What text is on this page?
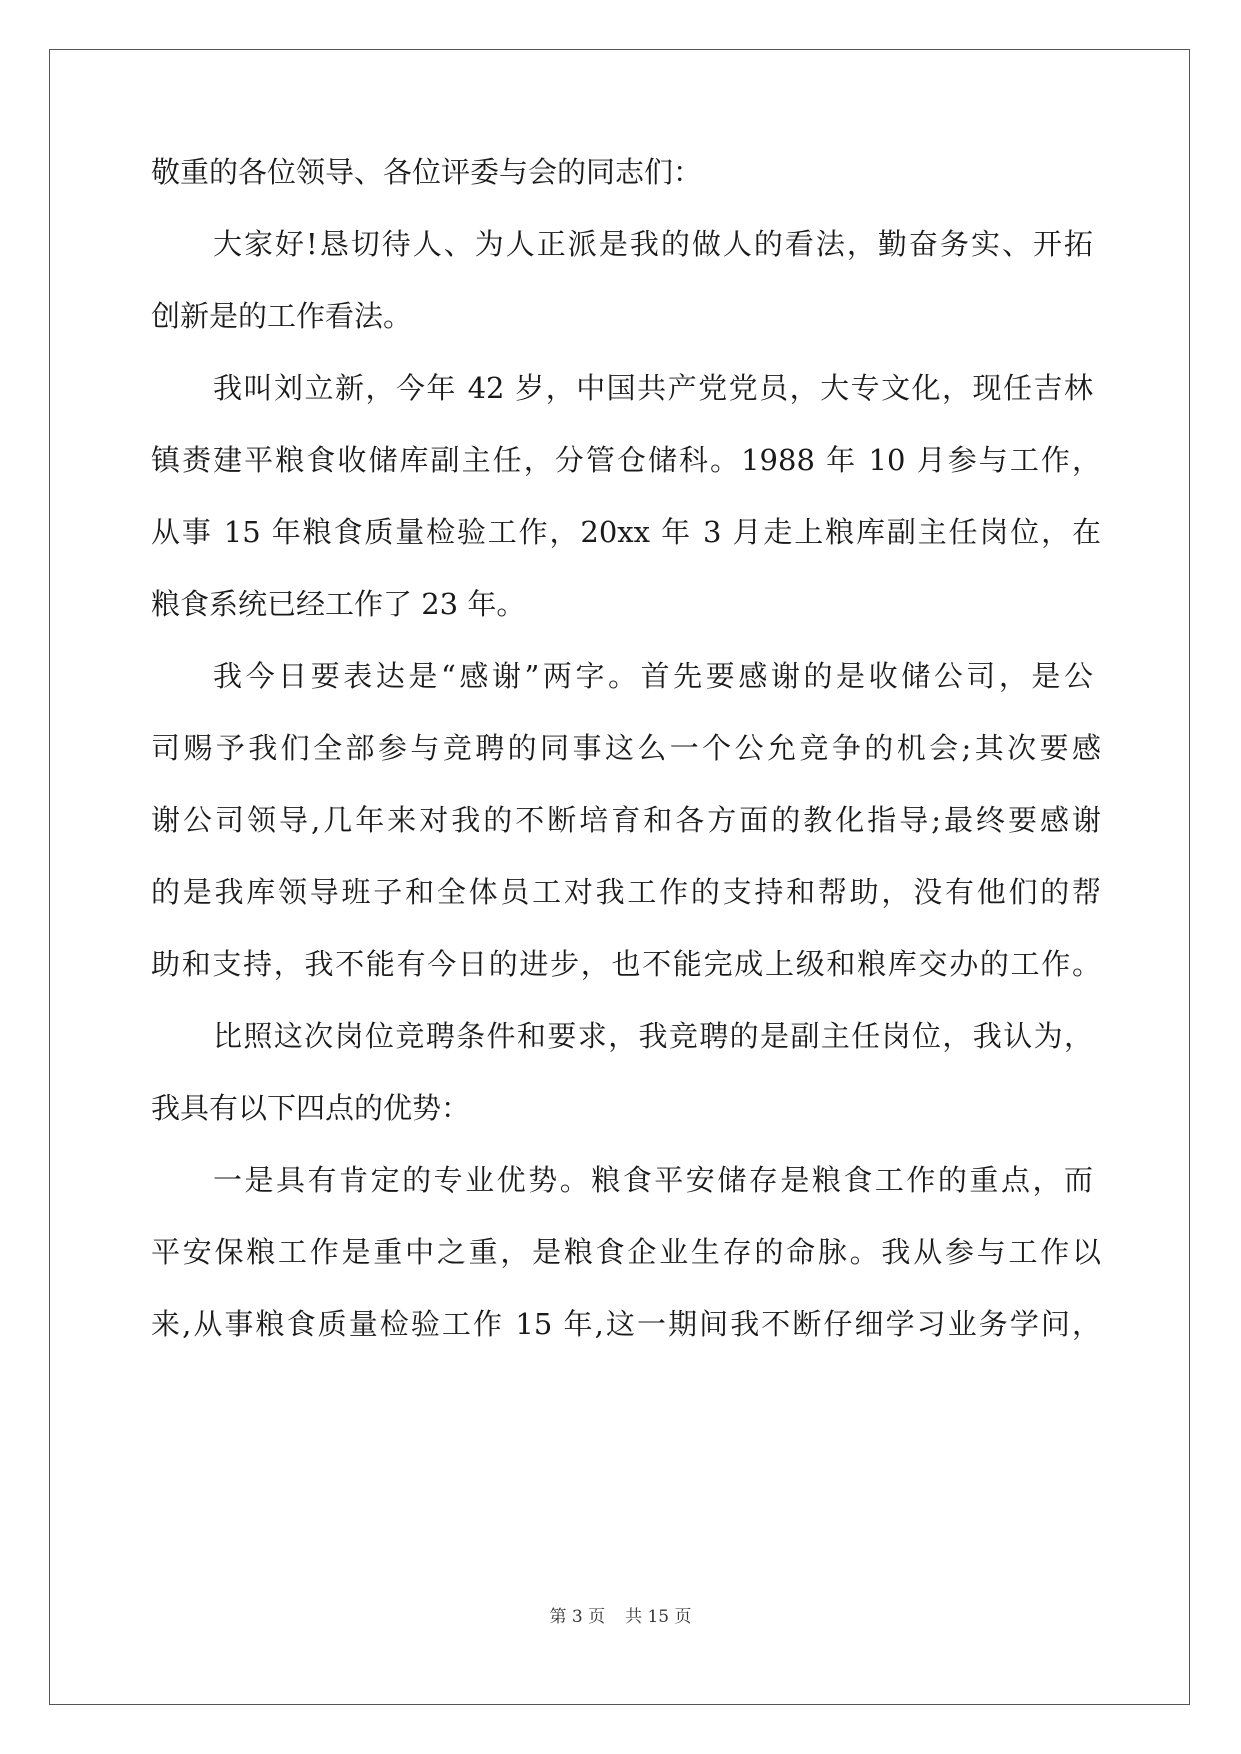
敬重的各位领导、各位评委与会的同志们：

大家好!恳切待人、为人正派是我的做人的看法，勤奋务实、开拓

创新是的工作看法。

我叫刘立新，今年 42 岁，中国共产党党员，大专文化，现任吉林

镇赉建平粮食收储库副主任，分管仓储科。1988 年 10 月参与工作，

从事 15 年粮食质量检验工作，20xx 年 3 月走上粮库副主任岗位，在

粮食系统已经工作了 23 年。

我今日要表达是“感谢”两字。首先要感谢的是收储公司，是公

司赐予我们全部参与竞聘的同事这么一个公允竞争的机会;其次要感

谢公司领导,几年来对我的不断培育和各方面的教化指导;最终要感谢

的是我库领导班子和全体员工对我工作的支持和帮助，没有他们的帮

助和支持，我不能有今日的进步，也不能完成上级和粮库交办的工作。

比照这次岗位竞聘条件和要求，我竞聘的是副主任岗位，我认为，

我具有以下四点的优势：

一是具有肯定的专业优势。粮食平安储存是粮食工作的重点，而

平安保粮工作是重中之重，是粮食企业生存的命脉。我从参与工作以

来,从事粮食质量检验工作 15 年,这一期间我不断仔细学习业务学问，

第 3 页 共 15 页
